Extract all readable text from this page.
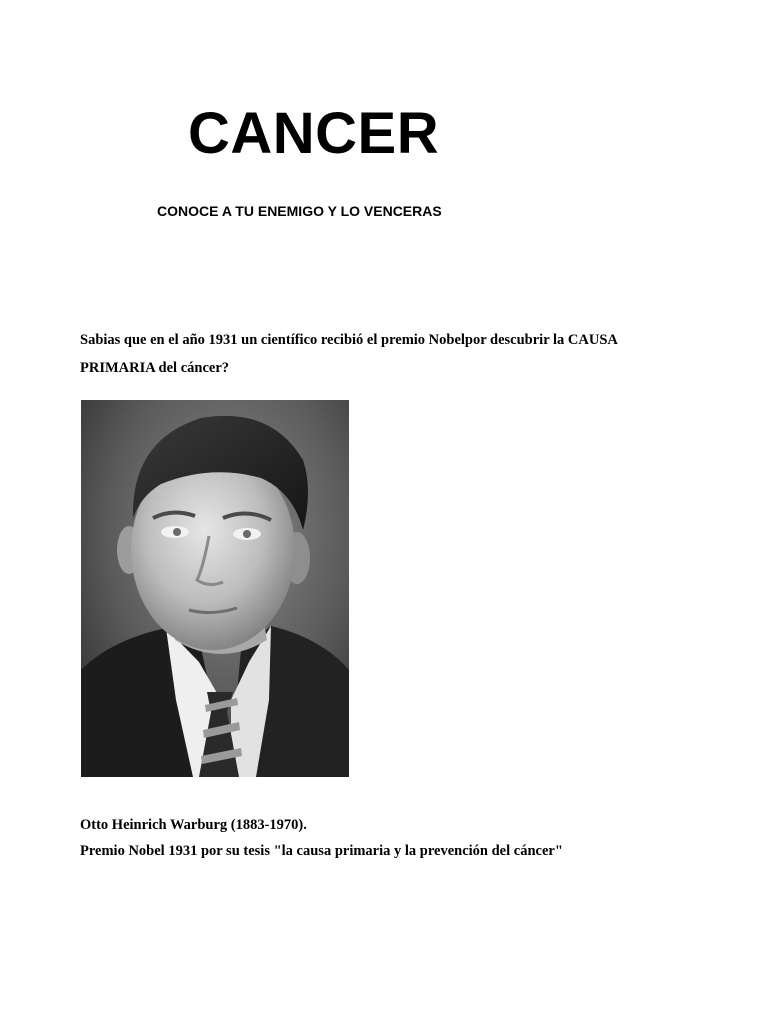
CANCER

CONOCE A TU ENEMIGO Y LO VENCERAS

Sabias que en el año 1931 un científico recibió el premio Nobelpor descubrir la CAUSA
PRIMARIA del cáncer?

Otto Heinrich Warburg (1883-1970).
Premio Nobel 1931 por su tesis "la causa primaria y la prevención del cáncer"
